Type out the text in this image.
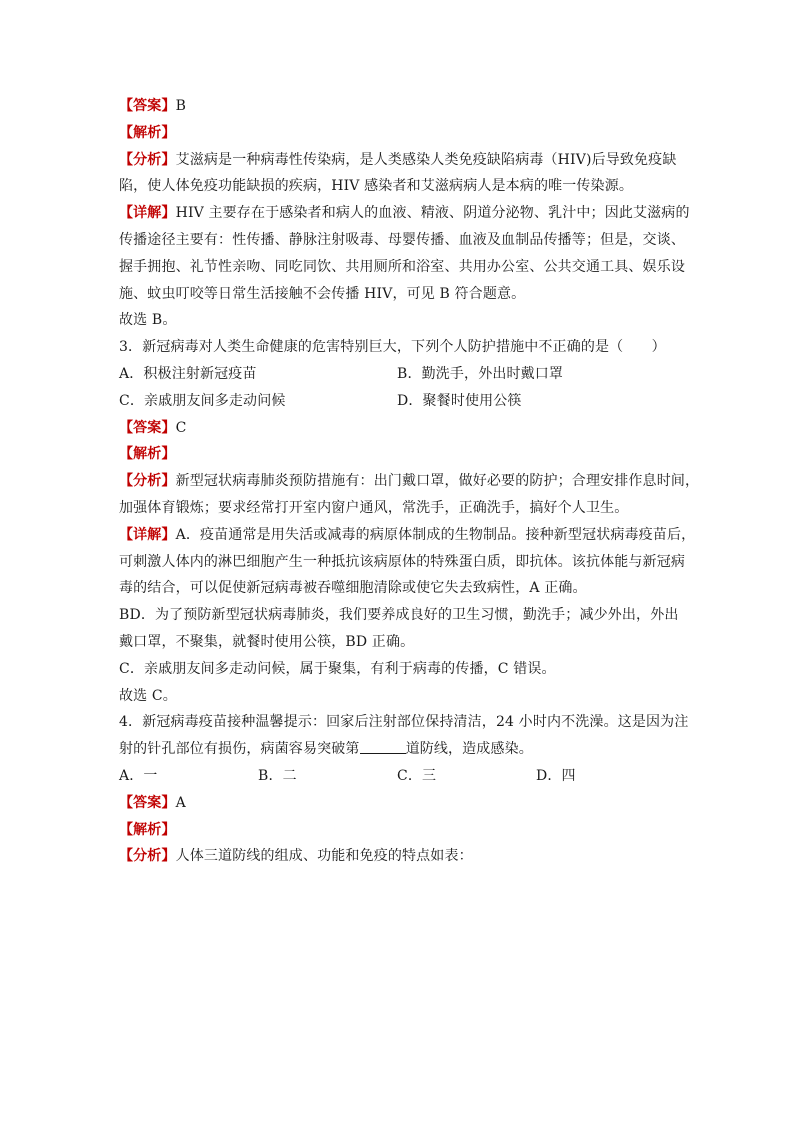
【答案】B
【解析】
【分析】艾滋病是一种病毒性传染病，是人类感染人类免疫缺陷病毒（HIV)后导致免疫缺
陷，使人体免疫功能缺损的疾病，HIV 感染者和艾滋病病人是本病的唯一传染源。
【详解】HIV 主要存在于感染者和病人的血液、精液、阴道分泌物、乳汁中；因此艾滋病的
传播途径主要有：性传播、静脉注射吸毒、母婴传播、血液及血制品传播等；但是，交谈、
握手拥抱、礼节性亲吻、同吃同饮、共用厕所和浴室、共用办公室、公共交通工具、娱乐设
施、蚊虫叮咬等日常生活接触不会传播 HIV，可见 B 符合题意。
故选 B。
3．新冠病毒对人类生命健康的危害特别巨大，下列个人防护措施中不正确的是（　　）
A．积极注射新冠疫苗	B．勤洗手，外出时戴口罩
C．亲戚朋友间多走动问候	D．聚餐时使用公筷
【答案】C
【解析】
【分析】新型冠状病毒肺炎预防措施有：出门戴口罩，做好必要的防护；合理安排作息时间，
加强体育锻炼；要求经常打开室内窗户通风，常洗手，正确洗手，搞好个人卫生。
【详解】A．疫苗通常是用失活或减毒的病原体制成的生物制品。接种新型冠状病毒疫苗后，
可刺激人体内的淋巴细胞产生一种抵抗该病原体的特殊蛋白质，即抗体。该抗体能与新冠病
毒的结合，可以促使新冠病毒被吞噬细胞清除或使它失去致病性，A 正确。
BD．为了预防新型冠状病毒肺炎，我们要养成良好的卫生习惯，勤洗手；减少外出，外出
戴口罩，不聚集，就餐时使用公筷，BD 正确。
C．亲戚朋友间多走动问候，属于聚集，有利于病毒的传播，C 错误。
故选 C。
4．新冠病毒疫苗接种温馨提示：回家后注射部位保持清洁，24 小时内不洗澡。这是因为注
射的针孔部位有损伤，病菌容易突破第	道防线，造成感染。
A．一	B．二	C．三	D．四
【答案】A
【解析】
【分析】人体三道防线的组成、功能和免疫的特点如表：
